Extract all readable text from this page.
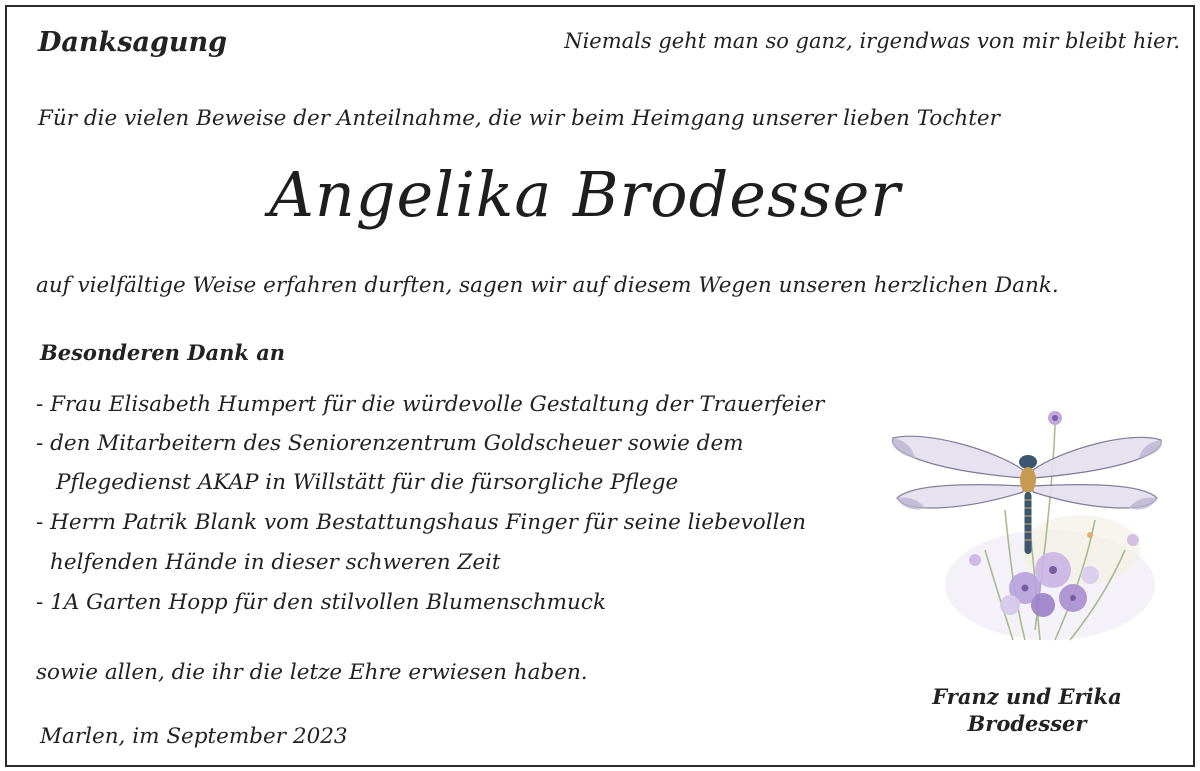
Danksagung	Niemals geht man so ganz, irgendwas von mir bleibt hier.
Für die vielen Beweise der Anteilnahme, die wir beim Heimgang unserer lieben Tochter
Angelika Brodesser
auf vielfältige Weise erfahren durften, sagen wir auf diesem Wegen unseren herzlichen Dank.
Besonderen Dank an
- Frau Elisabeth Humpert für die würdevolle Gestaltung der Trauerfeier
- den Mitarbeitern des Seniorenzentrum Goldscheuer sowie dem
Pflegedienst AKAP in Willstätt für die fürsorgliche Pflege
- Herrn Patrik Blank vom Bestattungshaus Finger für seine liebevollen
helfenden Hände in dieser schweren Zeit
- 1A Garten Hopp für den stilvollen Blumenschmuck
sowie allen, die ihr die letze Ehre erwiesen haben.
Marlen, im September 2023
Franz und Erika
Brodesser
